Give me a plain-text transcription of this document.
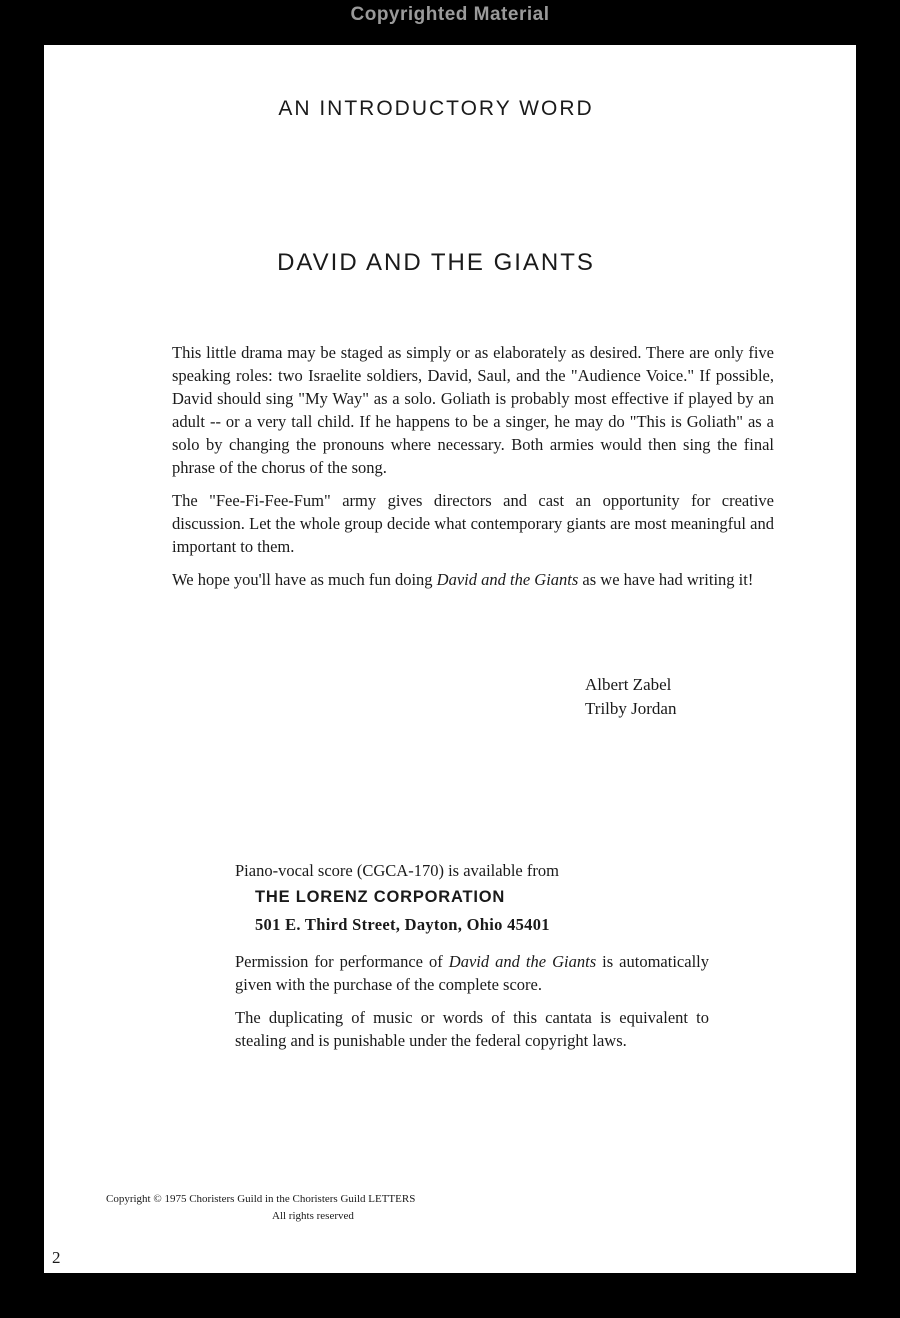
Copyrighted Material
AN INTRODUCTORY WORD
DAVID AND THE GIANTS

This little drama may be staged as simply or as elaborately as desired. There are only five speaking roles: two Israelite soldiers, David, Saul, and the "Audience Voice." If possible, David should sing "My Way" as a solo. Goliath is probably most effective if played by an adult -- or a very tall child. If he happens to be a singer, he may do "This is Goliath" as a solo by changing the pronouns where necessary. Both armies would then sing the final phrase of the chorus of the song.

The "Fee-Fi-Fee-Fum" army gives directors and cast an opportunity for creative discussion. Let the whole group decide what contemporary giants are most meaningful and important to them.

We hope you'll have as much fun doing David and the Giants as we have had writing it!

Albert Zabel
Trilby Jordan

Piano-vocal score (CGCA-170) is available from

THE LORENZ CORPORATION

501 E. Third Street, Dayton, Ohio 45401

Permission for performance of David and the Giants is automatically given with the purchase of the complete score.

The duplicating of music or words of this cantata is equivalent to stealing and is punishable under the federal copyright laws.

Copyright © 1975 Choristers Guild in the Choristers Guild LETTERS
All rights reserved
2
